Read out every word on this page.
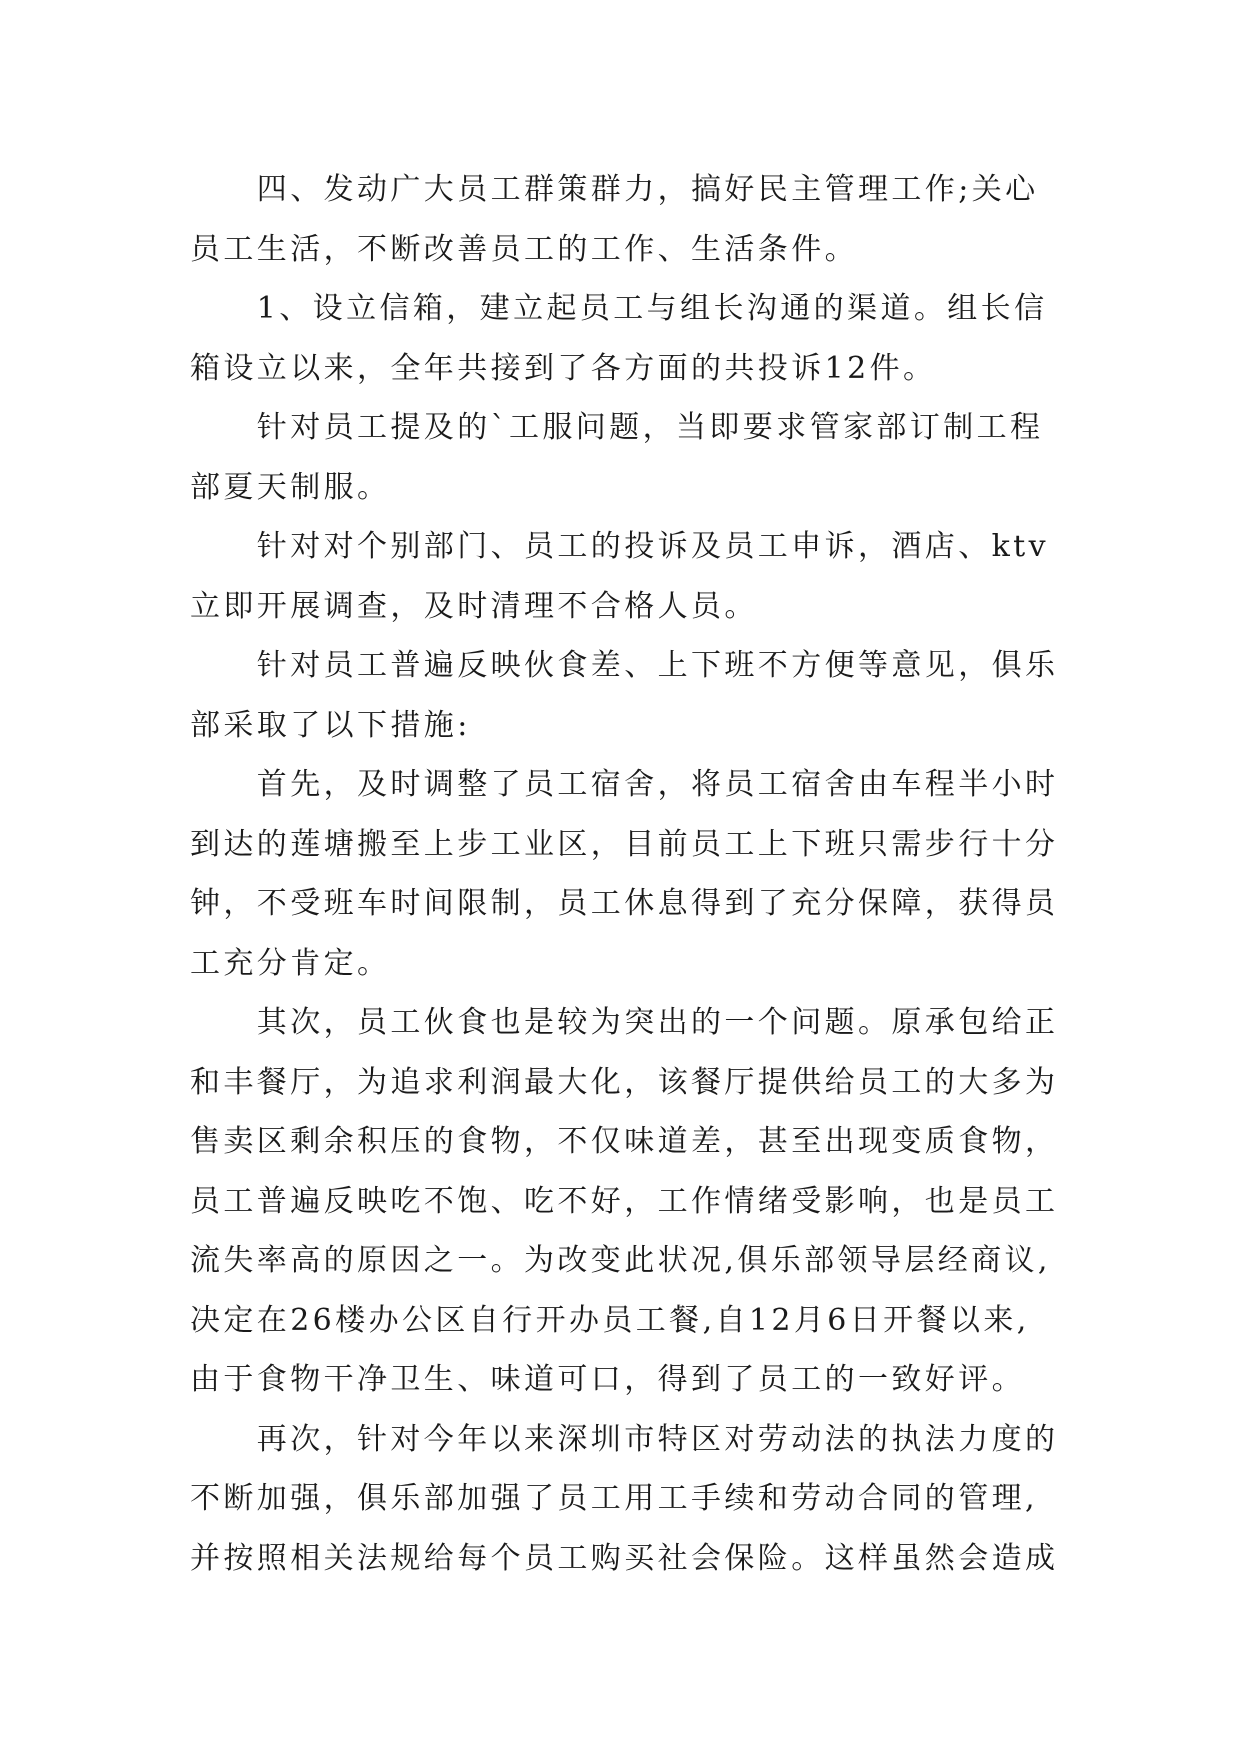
　　四、发动广大员工群策群力，搞好民主管理工作;关心

员工生活，不断改善员工的工作、生活条件。

　　1、设立信箱，建立起员工与组长沟通的渠道。组长信

箱设立以来，全年共接到了各方面的共投诉12件。

　　针对员工提及的`工服问题，当即要求管家部订制工程

部夏天制服。

　　针对对个别部门、员工的投诉及员工申诉，酒店、ktv

立即开展调查，及时清理不合格人员。

　　针对员工普遍反映伙食差、上下班不方便等意见，俱乐

部采取了以下措施:

　　首先，及时调整了员工宿舍，将员工宿舍由车程半小时

到达的莲塘搬至上步工业区，目前员工上下班只需步行十分

钟，不受班车时间限制，员工休息得到了充分保障，获得员

工充分肯定。

　　其次，员工伙食也是较为突出的一个问题。原承包给正

和丰餐厅，为追求利润最大化，该餐厅提供给员工的大多为

售卖区剩余积压的食物，不仅味道差，甚至出现变质食物，

员工普遍反映吃不饱、吃不好，工作情绪受影响，也是员工

流失率高的原因之一。为改变此状况,俱乐部领导层经商议,

决定在26楼办公区自行开办员工餐,自12月6日开餐以来,

由于食物干净卫生、味道可口，得到了员工的一致好评。

　　再次，针对今年以来深圳市特区对劳动法的执法力度的

不断加强，俱乐部加强了员工用工手续和劳动合同的管理,

并按照相关法规给每个员工购买社会保险。这样虽然会造成
